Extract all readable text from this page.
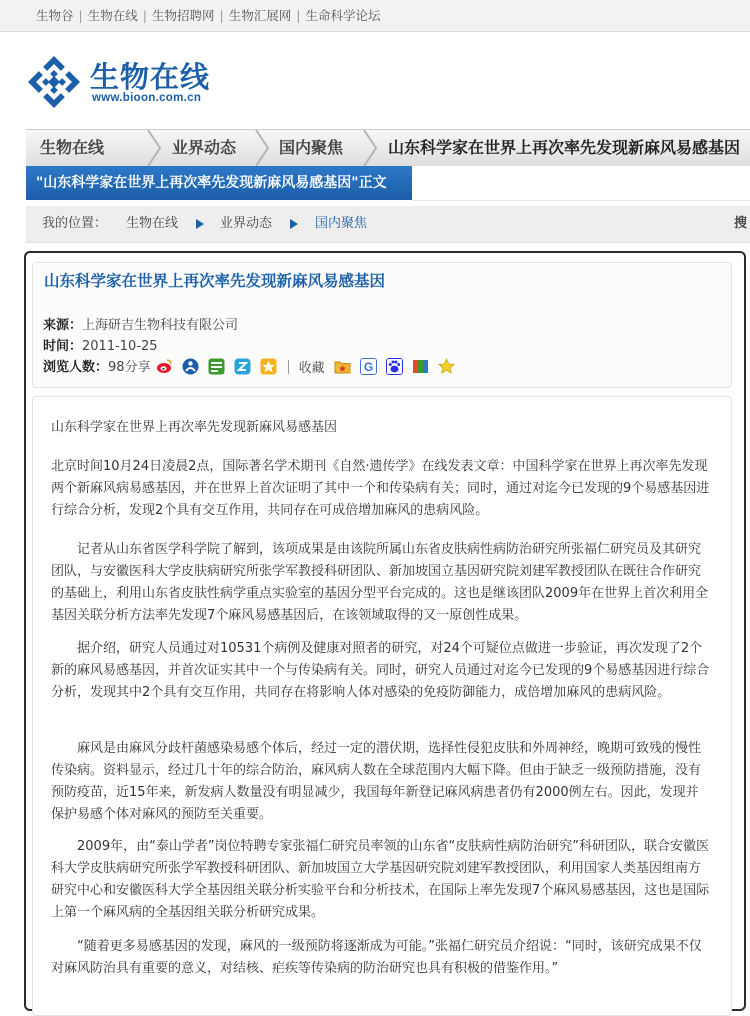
生物谷 | 生物在线 | 生物招聘网 | 生物汇展网 | 生命科学论坛
生物在线
www.bioon.com.cn
生物在线	业界动态	国内聚焦	山东科学家在世界上再次率先发现新麻风易感基因
"山东科学家在世界上再次率先发现新麻风易感基因"正文
我的位置： 生物在线	业界动态	国内聚焦	搜
山东科学家在世界上再次率先发现新麻风易感基因
来源：上海研吉生物科技有限公司
时间：2011-10-25
浏览人数：98分享	收藏	G

山东科学家在世界上再次率先发现新麻风易感基因

北京时间10月24日凌晨2点，国际著名学术期刊《自然·遗传学》在线发表文章：中国科学家在世界上再次率先发现两个新麻风病易感基因，并在世界上首次证明了其中一个和传染病有关；同时，通过对迄今已发现的9个易感基因进行综合分析，发现2个具有交互作用，共同存在可成倍增加麻风的患病风险。

记者从山东省医学科学院了解到，该项成果是由该院所属山东省皮肤病性病防治研究所张福仁研究员及其研究团队，与安徽医科大学皮肤病研究所张学军教授科研团队、新加坡国立基因研究院刘建军教授团队在既往合作研究的基础上，利用山东省皮肤性病学重点实验室的基因分型平台完成的。这也是继该团队2009年在世界上首次利用全基因关联分析方法率先发现7个麻风易感基因后，在该领域取得的又一原创性成果。

据介绍，研究人员通过对10531个病例及健康对照者的研究，对24个可疑位点做进一步验证，再次发现了2个新的麻风易感基因，并首次证实其中一个与传染病有关。同时，研究人员通过对迄今已发现的9个易感基因进行综合分析，发现其中2个具有交互作用，共同存在将影响人体对感染的免疫防御能力，成倍增加麻风的患病风险。

麻风是由麻风分歧杆菌感染易感个体后，经过一定的潜伏期，选择性侵犯皮肤和外周神经，晚期可致残的慢性传染病。资料显示，经过几十年的综合防治，麻风病人数在全球范围内大幅下降。但由于缺乏一级预防措施，没有预防疫苗，近15年来，新发病人数量没有明显减少，我国每年新登记麻风病患者仍有2000例左右。因此，发现并保护易感个体对麻风的预防至关重要。

2009年，由“泰山学者”岗位特聘专家张福仁研究员率领的山东省“皮肤病性病防治研究”科研团队，联合安徽医科大学皮肤病研究所张学军教授科研团队、新加坡国立大学基因研究院刘建军教授团队，利用国家人类基因组南方研究中心和安徽医科大学全基因组关联分析实验平台和分析技术，在国际上率先发现7个麻风易感基因，这也是国际上第一个麻风病的全基因组关联分析研究成果。

“随着更多易感基因的发现，麻风的一级预防将逐渐成为可能。”张福仁研究员介绍说：“同时，该研究成果不仅对麻风防治具有重要的意义，对结核、疟疾等传染病的防治研究也具有积极的借鉴作用。”
